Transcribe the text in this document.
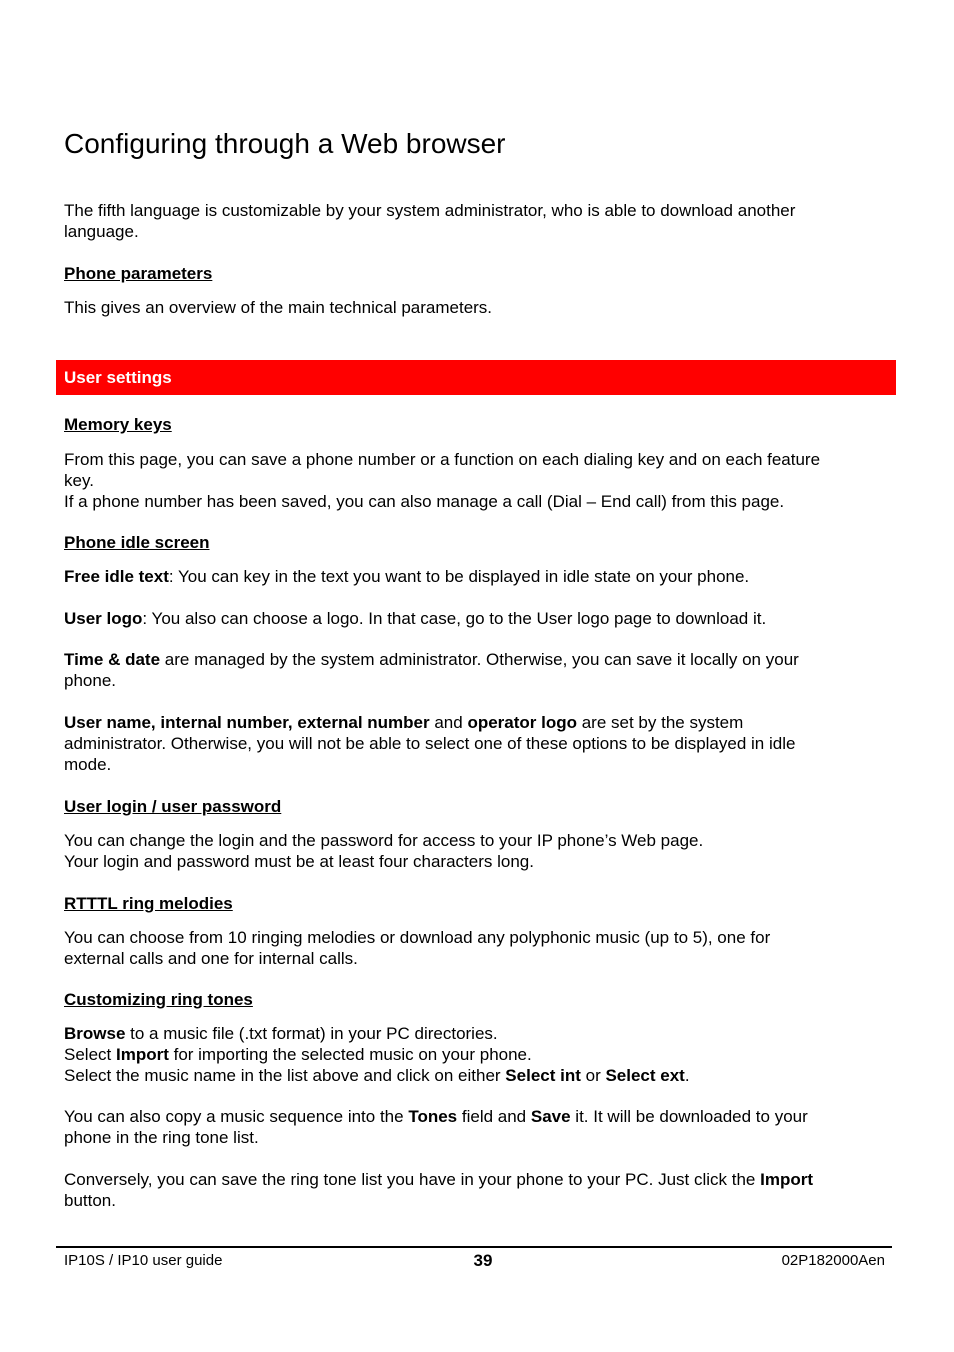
Configuring through a Web browser

The fifth language is customizable by your system administrator, who is able to download another
language.

Phone parameters

This gives an overview of the main technical parameters.

User settings
Memory keys

From this page, you can save a phone number or a function on each dialing key and on each feature
key.
If a phone number has been saved, you can also manage a call (Dial – End call) from this page.

Phone idle screen

Free idle text: You can key in the text you want to be displayed in idle state on your phone.

User logo: You also can choose a logo. In that case, go to the User logo page to download it.

Time & date are managed by the system administrator. Otherwise, you can save it locally on your
phone.

User name, internal number, external number and operator logo are set by the system
administrator. Otherwise, you will not be able to select one of these options to be displayed in idle
mode.

User login / user password

You can change the login and the password for access to your IP phone’s Web page.
Your login and password must be at least four characters long.

RTTTL ring melodies

You can choose from 10 ringing melodies or download any polyphonic music (up to 5), one for
external calls and one for internal calls.

Customizing ring tones

Browse to a music file (.txt format) in your PC directories.
Select Import for importing the selected music on your phone.
Select the music name in the list above and click on either Select int or Select ext.

You can also copy a music sequence into the Tones field and Save it. It will be downloaded to your
phone in the ring tone list.

Conversely, you can save the ring tone list you have in your phone to your PC. Just click the Import
button.

IP10S / IP10 user guide	39	02P182000Aen
